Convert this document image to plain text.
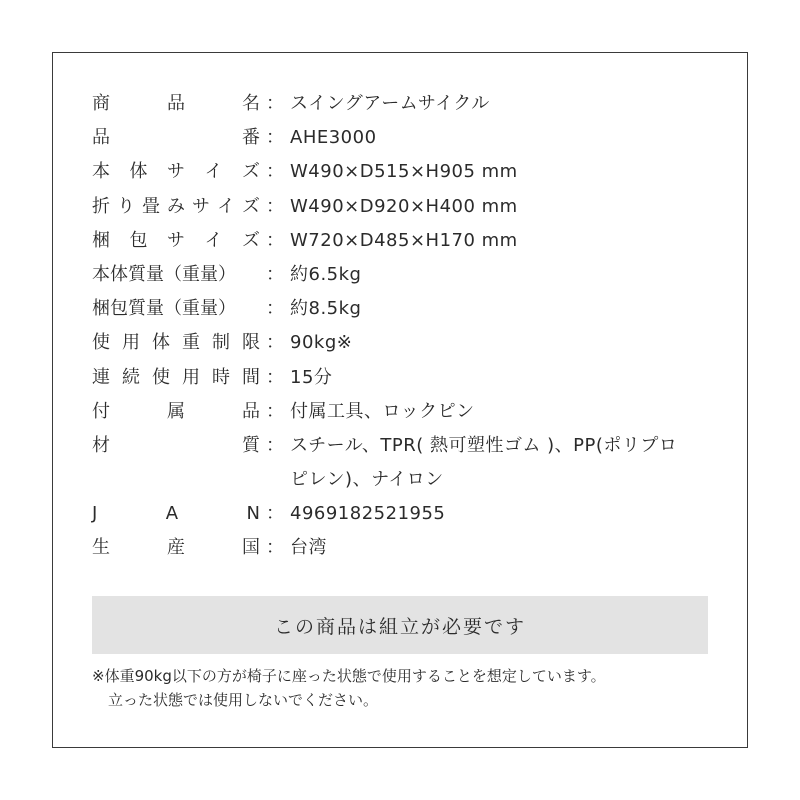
商	品	名 ： スイングアームサイクル
品	番 ： AHE3000
本 体 サ イ ズ ： W490×D515×H905 mm
折 り 畳 み サ イ ズ ： W490×D920×H400 mm
梱 包 サ イ ズ ： W720×D485×H170 mm
本体質量（重量）	： 約6.5kg
梱包質量（重量）	： 約8.5kg
使 用 体 重 制 限 ： 90kg※
連 続 使 用 時 間 ： 15分
付	属	品 ： 付属工具、ロックピン
材	質 ： スチール、TPR( 熱可塑性ゴム )、PP(ポリプロ
ピレン)、ナイロン
J	A	N ： 4969182521955
生	産	国 ： 台湾
この商品は組立が必要です
※体重90kg以下の方が椅子に座った状態で使用することを想定しています。
立った状態では使用しないでください。
